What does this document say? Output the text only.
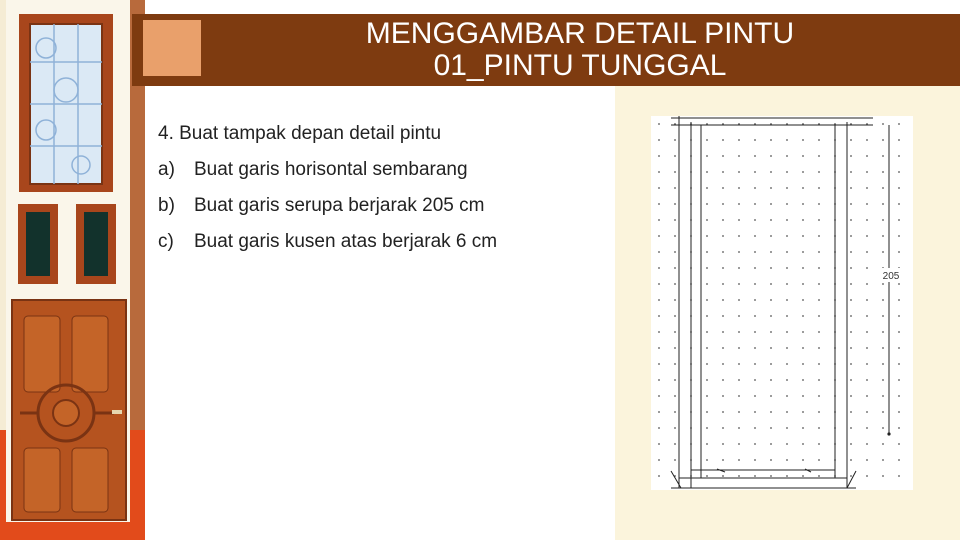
MENGGAMBAR DETAIL PINTU
01_PINTU TUNGGAL
4. Buat tampak depan detail pintu
a)	Buat garis horisontal sembarang
b)	Buat garis serupa berjarak 205 cm
c)	Buat garis kusen atas berjarak 6 cm
205
